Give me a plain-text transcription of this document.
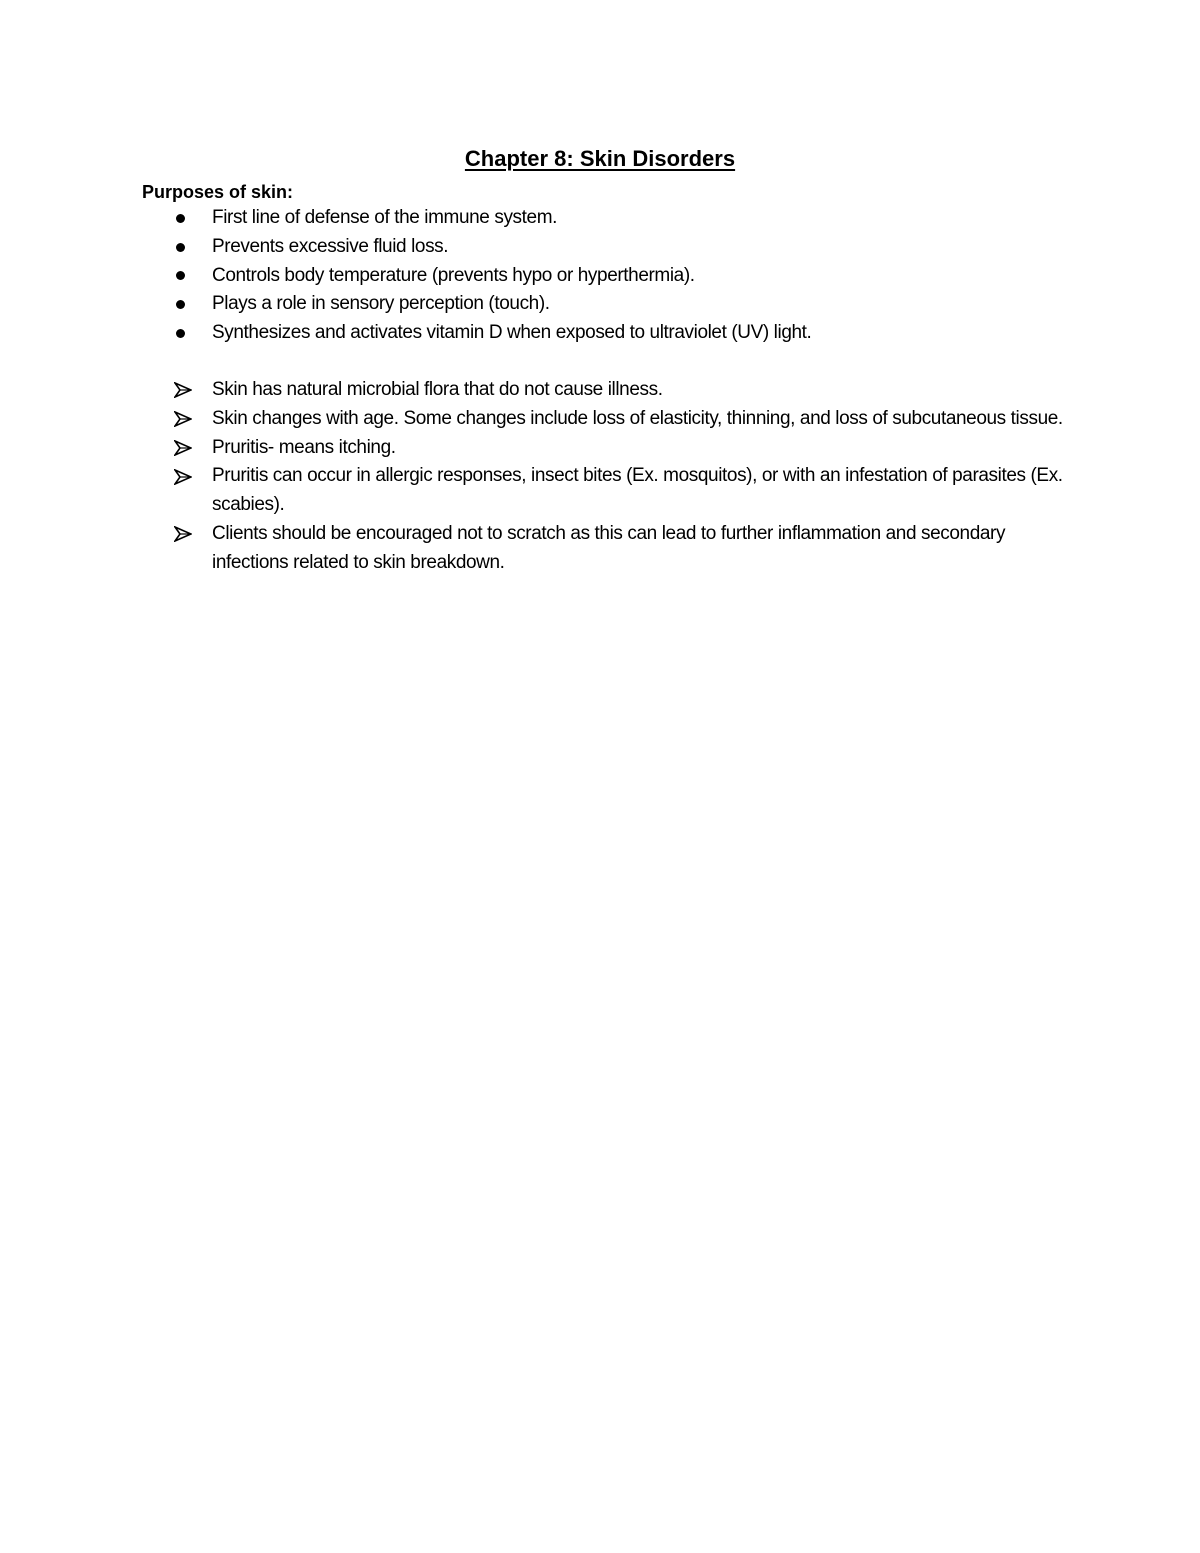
Chapter 8: Skin Disorders
Purposes of skin:
First line of defense of the immune system.
Prevents excessive fluid loss.
Controls body temperature (prevents hypo or hyperthermia).
Plays a role in sensory perception (touch).
Synthesizes and activates vitamin D when exposed to ultraviolet (UV) light.
Skin has natural microbial flora that do not cause illness.
Skin changes with age. Some changes include loss of elasticity, thinning, and loss of subcutaneous tissue.
Pruritis- means itching.
Pruritis can occur in allergic responses, insect bites (Ex. mosquitos), or with an infestation of parasites (Ex. scabies).
Clients should be encouraged not to scratch as this can lead to further inflammation and secondary infections related to skin breakdown.
